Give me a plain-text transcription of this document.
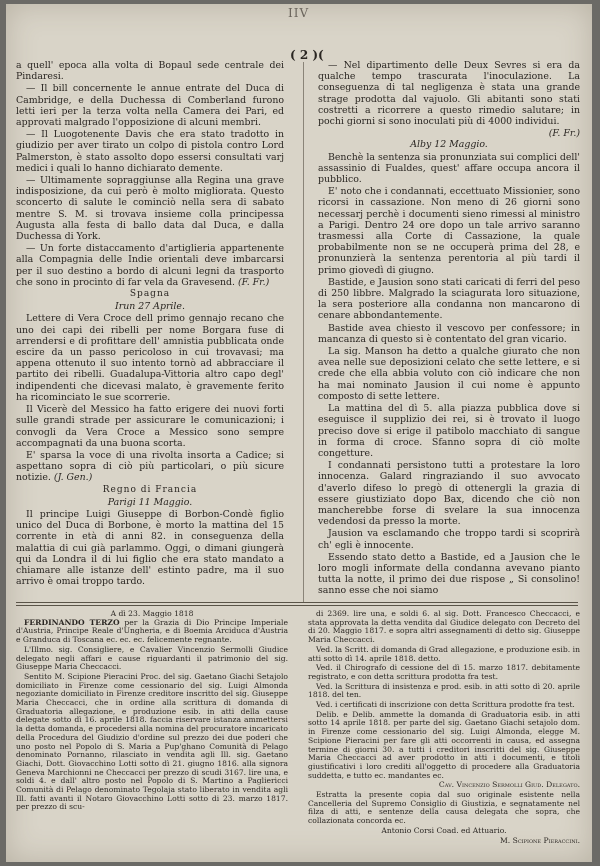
IIV
( 2 )(

a quell' epoca alla volta di Bopaul sede centrale dei Pindaresi.

— Il bill concernente le annue entrate del Duca di Cambridge, e della Duchessa di Comberland furono letti ieri per la terza volta nella Camera dei Pari, ed approvati malgrado l'opposizione di alcuni membri.

— Il Luogotenente Davis che era stato tradotto in giudizio per aver tirato un colpo di pistola contro Lord Palmerston, è stato assolto dopo essersi consultati varj medici i quali lo hanno dichiarato demente.

— Ultimamente sopraggiunse alla Regina una grave indisposizione, da cui però è molto migliorata. Questo sconcerto di salute le cominciò nella sera di sabato mentre S. M. si trovava insieme colla principessa Augusta alla festa di ballo data dal Duca, e dalla Duchessa di York.

— Un forte distaccamento d'artiglieria appartenente alla Compagnia delle Indie orientali deve imbarcarsi per il suo destino a bordo di alcuni legni da trasporto che sono in procinto di far vela da Gravesend. (F. Fr.)

Spagna
Irun 27 Aprile.

Lettere di Vera Croce dell primo gennajo recano che uno dei capi dei ribelli per nome Borgara fuse di arrendersi e di profittare dell' amnistia pubblicata onde escire da un passo pericoloso in cui trovavasi; ma appena ottenuto il suo intento tornò ad abbracciare il partito dei ribelli. Guadalupa-Vittoria altro capo degl' indipendenti che dicevasi malato, è gravemente ferito ha ricominciato le sue scorrerie.

Il Vicerè del Messico ha fatto erigere dei nuovi forti sulle grandi strade per assicurare le comunicazioni; i convogli da Vera Croce a Messico sono sempre accompagnati da una buona scorta.

E' sparsa la voce di una rivolta insorta a Cadice; si aspettano sopra di ciò più particolari, o più sicure notizie. (J. Gen.)

Regno di Francia
Parigi 11 Maggio.

Il principe Luigi Giuseppe di Borbon-Condè figlio unico del Duca di Borbone, è morto la mattina del 15 corrente in età di anni 82. in conseguenza della malattia di cui già parlammo. Oggi, o dimani giungerà qui da Londra il di lui figlio che era stato mandato a chiamare alle istanze dell' estinto padre, ma il suo arrivo è omai troppo tardo.

— Nel dipartimento delle Deux Sevres si era da qualche tempo trascurata l'inoculazione. La conseguenza di tal negligenza è stata una grande strage prodotta dal vajuolo. Gli abitanti sono stati costretti a ricorrere a questo rimedio salutare; in pochi giorni si sono inoculati più di 4000 individui.

(F. Fr.)
Alby 12 Maggio.

Benchè la sentenza sia pronunziata sui complici dell' assassinio di Fualdes, quest' affare occupa ancora il pubblico.

E' noto che i condannati, eccettuato Missionier, sono ricorsi in cassazione. Non meno di 26 giorni sono necessarj perchè i documenti sieno rimessi al ministro a Parigi. Dentro 24 ore dopo un tale arrivo saranno trasmessi alla Corte di Cassazione, la quale probabilmente non se ne occuperà prima del 28, e pronunzierà la sentenza perentoria al più tardi il primo giovedì di giugno.

Bastide, e Jausion sono stati caricati di ferri del peso di 250 libbre. Malgrado la sciagurata loro situazione, la sera posteriore alla condanna non mancarono di cenare abbondantemente.

Bastide avea chiesto il vescovo per confessore; in mancanza di questo si è contentato del gran vicario.

La sig. Manson ha detto a qualche giurato che non avea nelle sue deposizioni celato che sette lettere, e si crede che ella abbia voluto con ciò indicare che non ha mai nominato Jausion il cui nome è appunto composto di sette lettere.

La mattina del dì 5. alla piazza pubblica dove si eseguisce il supplizio dei rei, si è trovato il luogo preciso dove si erige il patibolo macchiato di sangue in forma di croce. Sfanno sopra di ciò molte congetture.

I condannati persistono tutti a protestare la loro innocenza. Galard ringraziando il suo avvocato d'averlo difeso lo pregò di ottenergli la grazia di essere giustiziato dopo Bax, dicendo che ciò non mancherebbe forse di svelare la sua innocenza vedendosi da presso la morte.

Jausion va esclamando che troppo tardi si scoprirà ch' egli è innocente.

Essendo stato detto a Bastide, ed a Jausion che le loro mogli informate della condanna avevano pianto tutta la notte, il primo dei due rispose „ Si consolino! sanno esse che noi siamo

A dì 23. Maggio 1818

FERDINANDO TERZO per la Grazia di Dio Principe Imperiale d'Austria, Principe Reale d'Ungheria, e di Boemia Arciduca d'Austria e Granduca di Toscana ec. ec. ec. felicemente regnante.

L'Illmo. sig. Consigliere, e Cavalier Vincenzio Sermolli Giudice delegato negli affari e cause riguardanti il patrimonio del sig. Giuseppe Maria Checcacci.

Sentito M. Scipione Pieracini Proc. del sig. Gaetano Giachi Setajolo domiciliato in Firenze come cessionario del sig. Luigi Almonda negoziante domiciliato in Firenze creditore inscritto del sig. Giuseppe Maria Checcacci, che in ordine alla scrittura di domanda di Graduatoria allegazione, e produzione esib. in atti della cause delegate sotto dì 16. aprile 1818. faccia riservare istanza ammettersi la detta domanda, e procedersi alla nomina del procuratore incaricato della Procedura del Giudizio d'ordine sul prezzo dei due poderi che uno posto nel Popolo di S. Maria a Pup'ghano Comunità di Pelago denominato Pornanno, rilasciato in vendita agli Ill. sig. Gaetano Giachi, Dott. Giovacchino Lotti sotto dì 21. giugno 1816. alla signora Geneva Marchionni ne Checcacci per prezzo di scudi 3167. lire una, e soldi 4. e dall' altro posto nel Popolo di S. Martino a Pagliericci Comunità di Pelago denominato Tegolaja stato liberato in vendita agli Ill. fatti avanti il Notaro Giovacchino Lotti sotto di 23. marzo 1817. per prezzo di scu-

di 2369. lire una, e soldi 6. al sig. Dott. Francesco Checcacci, e stata approvata la detta vendita dal Giudice delegato con Decreto del di 20. Maggio 1817. e sopra altri assegnamenti di detto sig. Giuseppe Maria Checcacci.

Ved. la Scritt. di domanda di Grad allegazione, e produzione esib. in atti sotto dì 14. aprile 1818. detto.

Ved. il Chirografo di cessione del dì 15. marzo 1817. debitamente registrato, e con detta scrittura prodotta fra test.

Ved. la Scrittura di insistenza e prod. esib. in atti sotto dì 20. aprile 1818. del ten.

Ved. i certificati di inscrizione con detta Scrittura prodotte fra test.

Delib. e Delib. ammette la domanda di Graduatoria esib. in atti sotto 14 aprile 1818. per parte del sig. Gaetano Giachi setajolo dom. in Firenze come cessionario del sig. Luigi Almonda, elegge M. Scipione Pieracini per fare gli atti occorrenti in causa, ed assegna termine di giorni 30. a tutti i creditori inscritti del sig. Giuseppe Maria Checcacci ad aver prodotto in atti i documenti, e titoli giustificativi i loro crediti all'oggetto di procedere alla Graduatoria suddetta, e tutto ec. mandantes ec.

Cav. Vincenzio Sermolli Giud. Delegato.

Estratta la presente copia dal suo originale esistente nella Cancelleria del Supremo Consiglio di Giustizia, e segnatamente nel filza di atti, e sentenze della causa delegata che sopra, che collazionata concorda ec.

Antonio Corsi Coad. ed Attuario.

M. Scipione Pieraccini.
